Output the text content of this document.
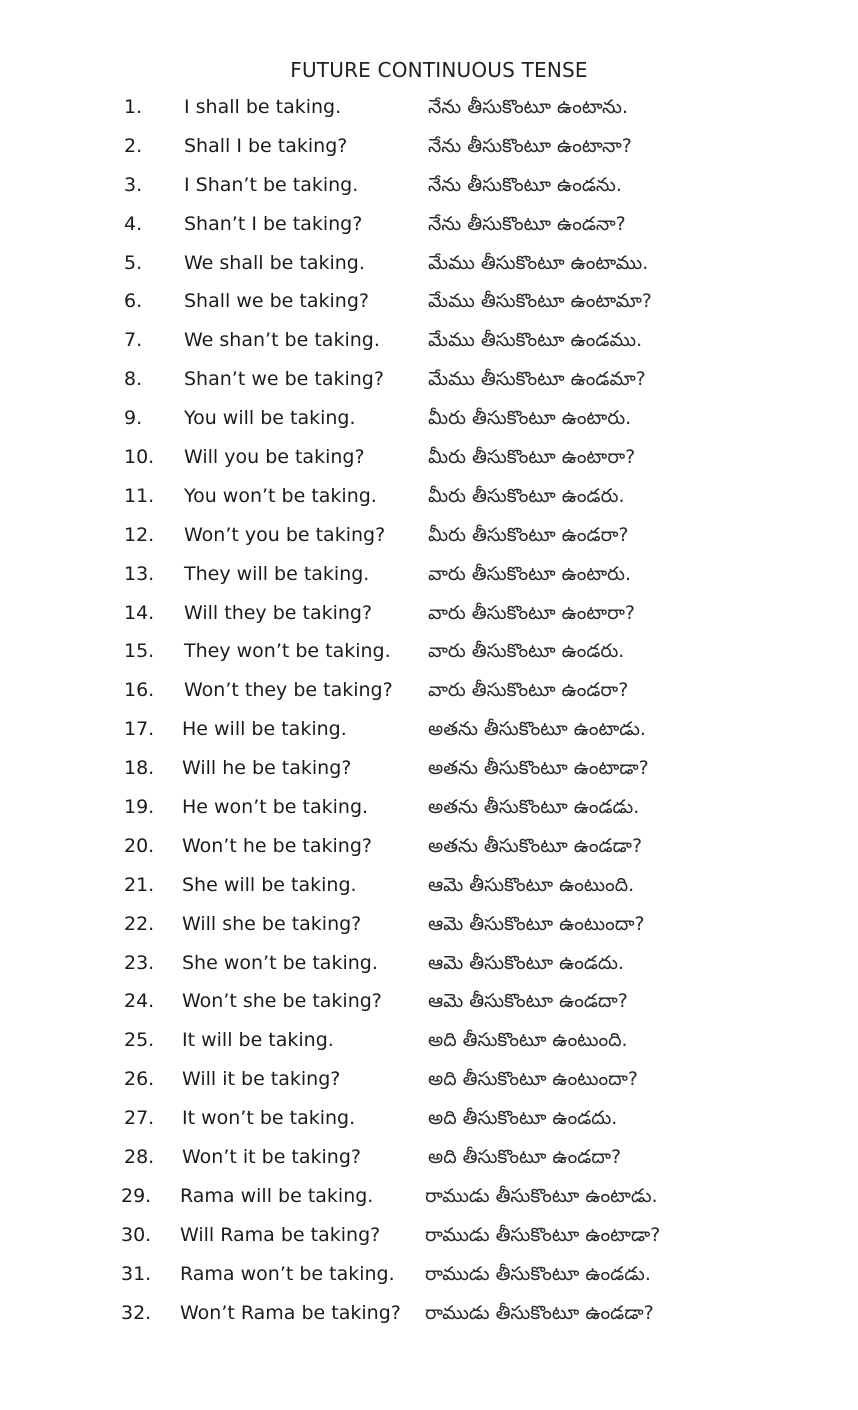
FUTURE CONTINUOUS TENSE
1.	I shall be taking.	నేను తీసుకొంటూ ఉంటాను.
2.	Shall I be taking?	నేను తీసుకొంటూ ఉంటానా?
3.	I Shan’t be taking.	నేను తీసుకొంటూ ఉండను.
4.	Shan’t I be taking?	నేను తీసుకొంటూ ఉండనా?
5.	We shall be taking.	మేము తీసుకొంటూ ఉంటాము.
6.	Shall we be taking?	మేము తీసుకొంటూ ఉంటామా?
7.	We shan’t be taking.	మేము తీసుకొంటూ ఉండము.
8.	Shan’t we be taking? మేము తీసుకొంటూ ఉండమా?
9.	You will be taking.	మీరు తీసుకొంటూ ఉంటారు.
10.	Will you be taking?	మీరు తీసుకొంటూ ఉంటారా?
11.	You won’t be taking.	మీరు తీసుకొంటూ ఉండరు.
12.	Won’t you be taking? మీరు తీసుకొంటూ ఉండరా?
13.	They will be taking.	వారు తీసుకొంటూ ఉంటారు.
14.	Will they be taking?	వారు తీసుకొంటూ ఉంటారా?
15.	They won’t be taking. వారు తీసుకొంటూ ఉండరు.
16.	Won’t they be taking? వారు తీసుకొంటూ ఉండరా?
17.	He will be taking.	అతను తీసుకొంటూ ఉంటాడు.
18.	Will he be taking?	అతను తీసుకొంటూ ఉంటాడా?
19.	He won’t be taking.	అతను తీసుకొంటూ ఉండడు.
20.	Won’t he be taking?	అతను తీసుకొంటూ ఉండడా?
21.	She will be taking.	ఆమె తీసుకొంటూ ఉంటుంది.
22.	Will she be taking?	ఆమె తీసుకొంటూ ఉంటుందా?
23.	She won’t be taking.	ఆమె తీసుకొంటూ ఉండదు.
24.	Won’t she be taking? ఆమె తీసుకొంటూ ఉండదా?
25.	It will be taking.	అది తీసుకొంటూ ఉంటుంది.
26.	Will it be taking?	అది తీసుకొంటూ ఉంటుందా?
27.	It won’t be taking.	అది తీసుకొంటూ ఉండదు.
28.	Won’t it be taking?	అది తీసుకొంటూ ఉండదా?
29.	Rama will be taking.	రాముడు తీసుకొంటూ ఉంటాడు.
30.	Will Rama be taking? రాముడు తీసుకొంటూ ఉంటాడా?
31.	Rama won’t be taking. రాముడు తీసుకొంటూ ఉండడు.
32.	Won’t Rama be taking? రాముడు తీసుకొంటూ ఉండడా?
